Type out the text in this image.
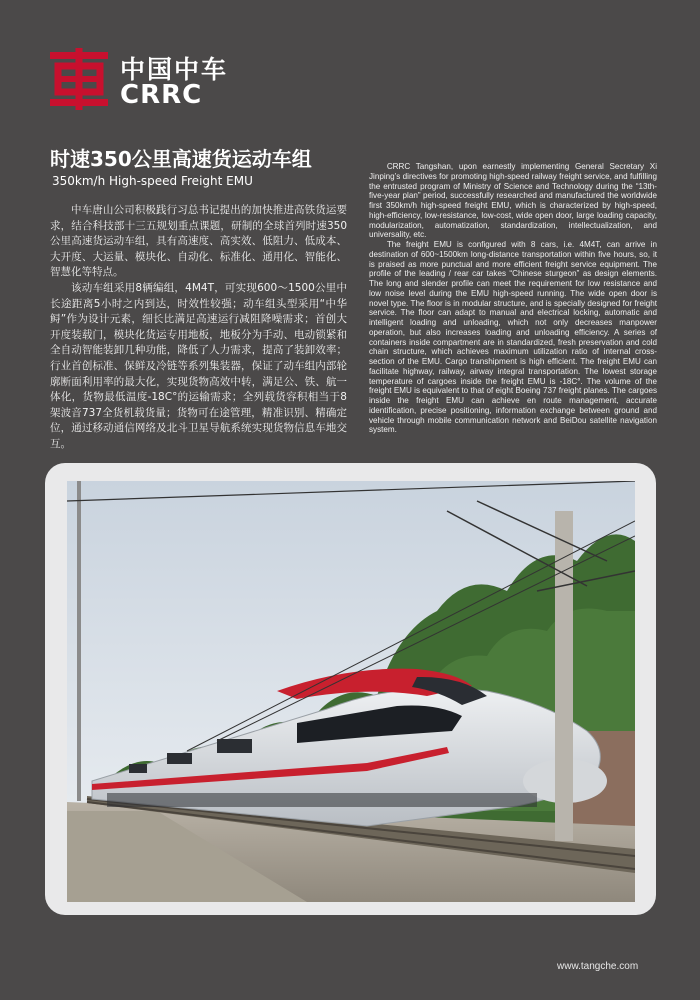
中国中车
CRRC
时速350公里高速货运动车组
350km/h High-speed Freight EMU

中车唐山公司积极践行习总书记提出的加快推进高铁货运要求，结合科技部十三五规划重点课题，研制的全球首列时速350公里高速货运动车组，具有高速度、高实效、低阻力、低成本、大开度、大运量、模块化、自动化、标准化、通用化、智能化、智慧化等特点。

该动车组采用8辆编组，4M4T，可实现600～1500公里中长途距离5小时之内到达，时效性较强；动车组头型采用“中华鲟”作为设计元素，细长比满足高速运行减阻降噪需求；首创大开度装载门，模块化货运专用地板，地板分为手动、电动锁紧和全自动智能装卸几种功能，降低了人力需求，提高了装卸效率；行业首创标准、保鲜及冷链等系列集装器，保证了动车组内部轮廓断面利用率的最大化，实现货物高效中转，满足公、铁、航一体化，货物最低温度-18C°的运输需求；全列载货容积相当于8架波音737全货机载货量；货物可在途管理，精准识别、精确定位，通过移动通信网络及北斗卫星导航系统实现货物信息车地交互。

CRRC Tangshan, upon earnestly implementing General Secretary Xi Jinping’s directives for promoting high-speed railway freight service, and fulfilling the entrusted program of Ministry of Science and Technology during the “13th-five-year plan” period, successfully researched and manufactured the worldwide first 350km/h high-speed freight EMU, which is characterized by high-speed, high-efficiency, low-resistance, low-cost, wide open door, large loading capacity, modularization, automatization, standardization, intellectualization, and universality, etc.

The freight EMU is configured with 8 cars, i.e. 4M4T, can arrive in destination of 600~1500km long-distance transportation within five hours, so, it is praised as more punctual and more efficient freight service equipment. The profile of the leading / rear car takes “Chinese sturgeon” as design elements. The long and slender profile can meet the requirement for low resistance and low noise level during the EMU high-speed running. The wide open door is novel type. The floor is in modular structure, and is specially designed for freight service. The floor can adapt to manual and electrical locking, automatic and intelligent loading and unloading, which not only decreases manpower operation, but also increases loading and unloading efficiency. A series of containers inside compartment are in standardized, fresh preservation and cold chain structure, which achieves maximum utilization ratio of internal cross-section of the EMU. Cargo transhipment is high efficient. The freight EMU can facilitate highway, railway, airway integral transportation. The lowest storage temperature of cargoes inside the freight EMU is -18C°. The volume of the freight EMU is equivalent to that of eight Boeing 737 freight planes. The cargoes inside the freight EMU can achieve en route management, accurate identification, precise positioning, information exchange between ground and vehicle through mobile communication network and BeiDou satellite navigation system.

www.tangche.com
